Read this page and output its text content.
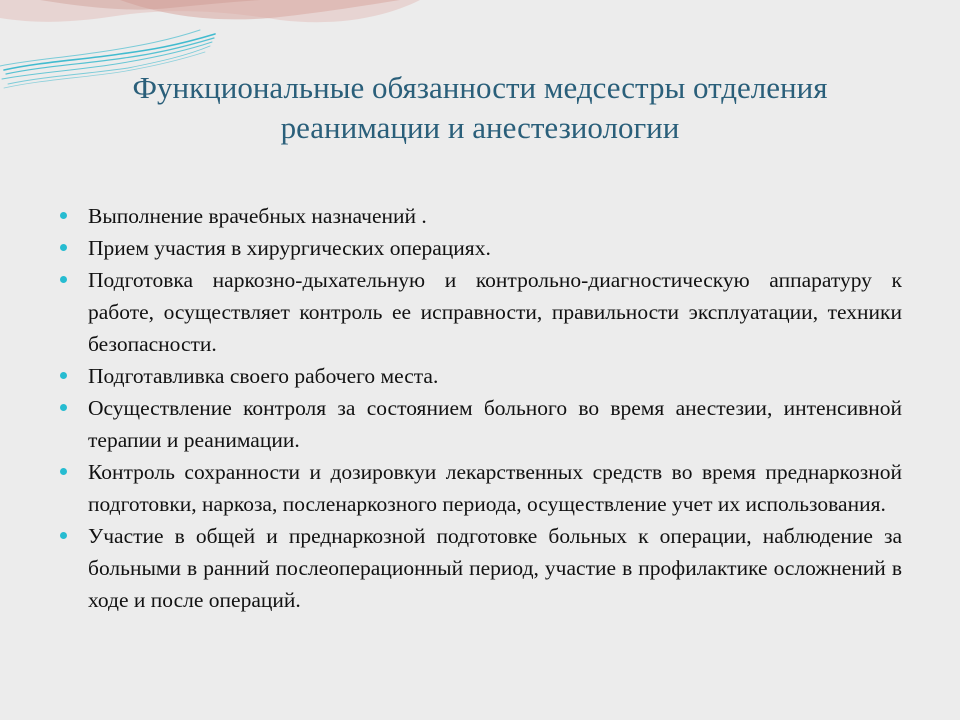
Функциональные обязанности медсестры отделения
реанимации и анестезиологии
Выполнение врачебных назначений .
Прием участия в хирургических операциях.
Подготовка наркозно-дыхательную и контрольно-диагностическую аппаратуру к работе, осуществляет контроль ее исправности, правильности эксплуатации, техники безопасности.
Подготавливка своего рабочего места.
Осуществление контроля за состоянием больного во время анестезии, интенсивной терапии и реанимации.
Контроль сохранности и дозировкуи лекарственных средств во время преднаркозной подготовки, наркоза, посленаркозного периода, осуществление учет их использования.
Участие в общей и преднаркозной подготовке больных к операции, наблюдение за больными в ранний послеоперационный период, участие в профилактике осложнений в ходе и после операций.
